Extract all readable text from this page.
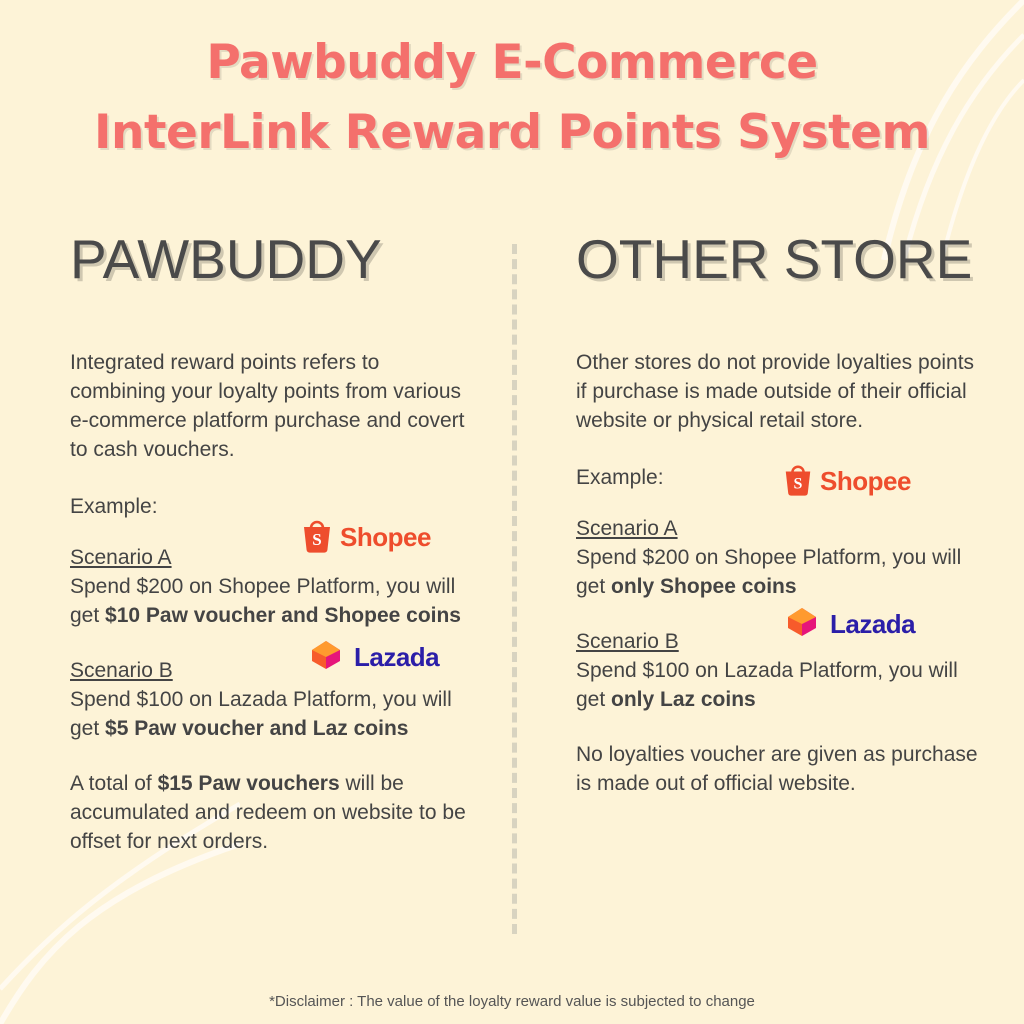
Pawbuddy E-Commerce
InterLink Reward Points System
PAWBUDDY

Integrated reward points refers to combining your loyalty points from various e-commerce platform purchase and covert to cash vouchers.

Example:

S Shopee

Scenario A

Spend $200 on Shopee Platform, you will get $10 Paw voucher and Shopee coins

Lazada

Scenario B

Spend $100 on Lazada Platform, you will get $5 Paw voucher and Laz coins

A total of $15 Paw vouchers will be accumulated and redeem on website to be offset for next orders.

OTHER STORE

Other stores do not provide loyalties points if purchase is made outside of their official website or physical retail store.

Example:	S Shopee

Scenario A

Spend $200 on Shopee Platform, you will get only Shopee coins

Lazada

Scenario B

Spend $100 on Lazada Platform, you will get only Laz coins

No loyalties voucher are given as purchase is made out of official website.

*Disclaimer : The value of the loyalty reward value is subjected to change
